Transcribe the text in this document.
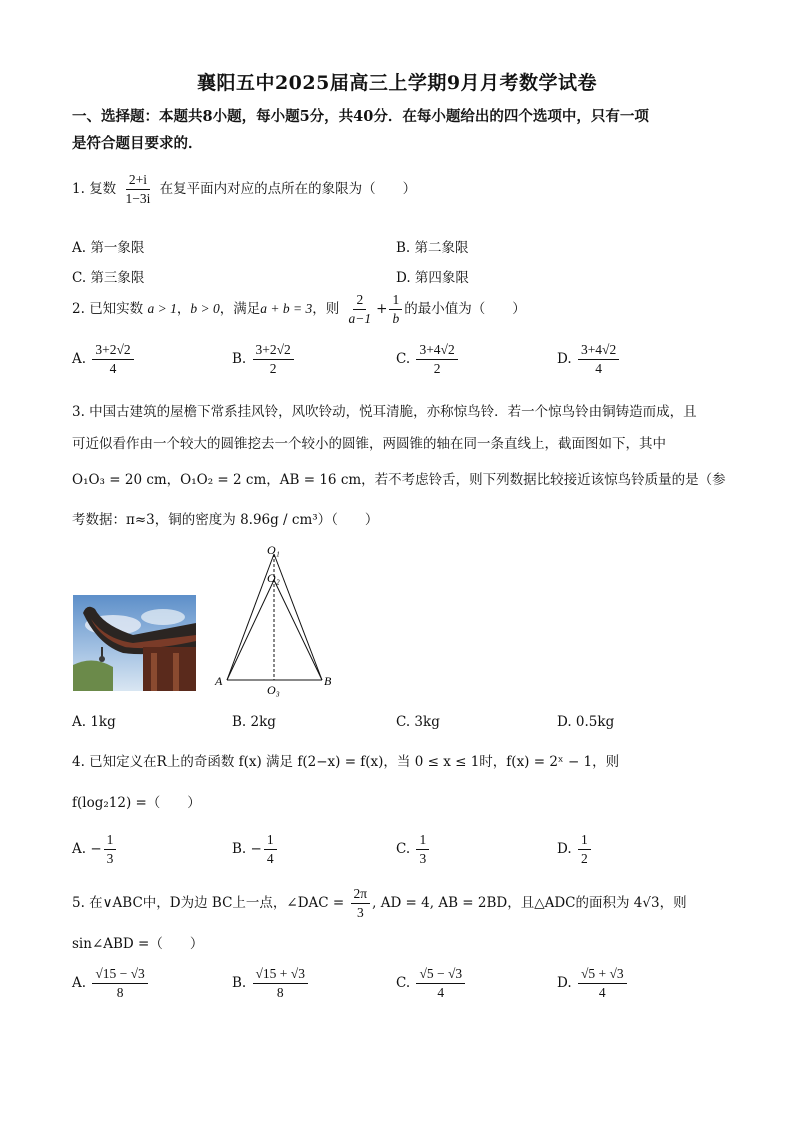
襄阳五中2025届高三上学期9月月考数学试卷
一、选择题：本题共8小题，每小题5分，共40分．在每小题给出的四个选项中，只有一项
是符合题目要求的．
1. 复数 $\frac{2+i}{1-3i}$ 在复平面内对应的点所在的象限为（　　）
A. 第一象限	B. 第二象限
C. 第三象限	D. 第四象限
2. 已知实数 a > 1，b > 0，满足a + b = 3，则 $\frac{2}{a-1} + \frac{1}{b}$ 的最小值为（　　）
A. $\frac{3+2√2}{4}$	B. $\frac{3+2√2}{2}$	C. $\frac{3+4√2}{2}$	D. $\frac{3+4√2}{4}$
3. 中国古建筑的屋檐下常系挂风铃，风吹铃动，悦耳清脆，亦称惊鸟铃．若一个惊鸟铃由铜铸造而成，且
可近似看作由一个较大的圆锥挖去一个较小的圆锥，两圆锥的轴在同一条直线上，截面图如下，其中
O₁O₃ = 20 cm，O₁O₂ = 2 cm，AB = 16 cm，若不考虑铃舌，则下列数据比较接近该惊鸟铃质量的是（参
考数据：π≈3，铜的密度为 8.96g / cm³）（　　）
O₁
O₂
O₃
A	B
A. 1kg	B. 2kg	C. 3kg	D. 0.5kg
4. 已知定义在R上的奇函数 f(x) 满足 f(2−x) = f(x)，当 0 ≤ x ≤ 1时，f(x) = 2ˣ − 1，则
f(log₂12) =（　　）
A. − $\frac{1}{3}$	B. − $\frac{1}{4}$	C. $\frac{1}{3}$	D. $\frac{1}{2}$
5. 在∨ABC中，D为边 BC上一点，∠DAC = $\frac{2\pi}{3}$ , AD = 4, AB = 2BD，且△ADC的面积为 4√3，则
sin∠ABD =（　　）
A. $\frac{√15 - √3}{8}$	B. $\frac{√15 + √3}{8}$	C. $\frac{√5 - √3}{4}$	D. $\frac{√5 + √3}{4}$
